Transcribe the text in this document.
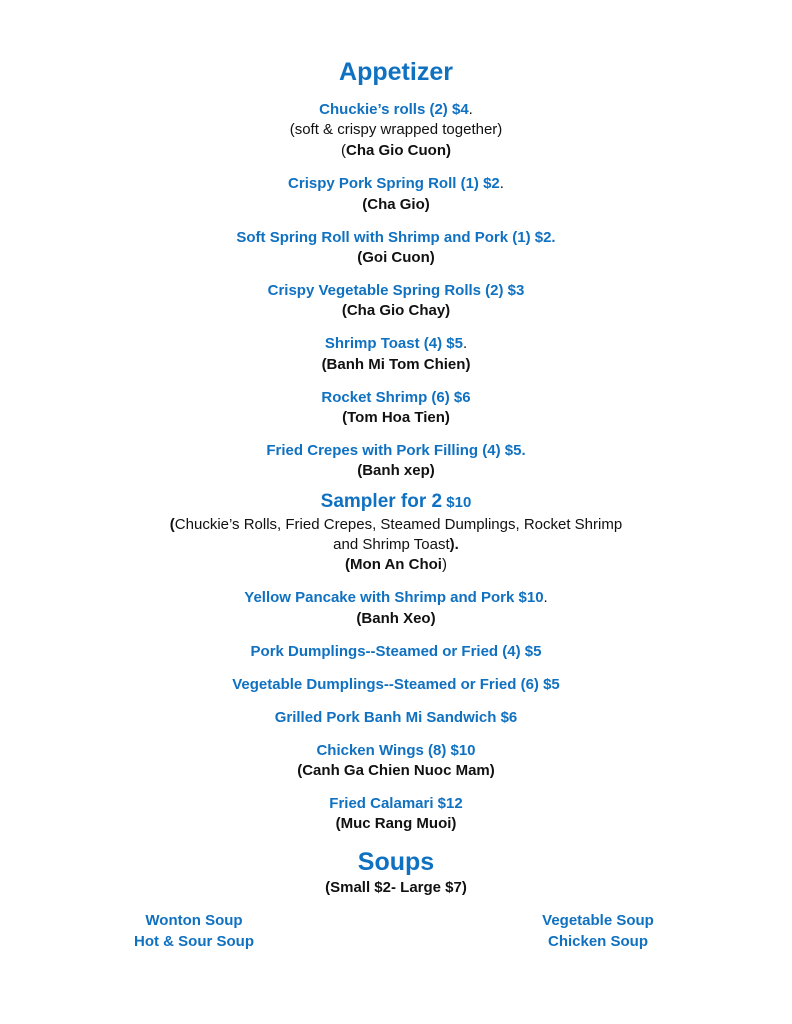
Appetizer
Chuckie’s rolls (2) $4.
(soft & crispy wrapped together)
(Cha Gio Cuon)
Crispy Pork Spring Roll (1) $2.
(Cha Gio)
Soft Spring Roll with Shrimp and Pork (1) $2.
(Goi Cuon)
Crispy Vegetable Spring Rolls (2) $3
(Cha Gio Chay)
Shrimp Toast (4) $5.
(Banh Mi Tom Chien)
Rocket Shrimp (6) $6
(Tom Hoa Tien)
Fried Crepes with Pork Filling (4) $5.
(Banh xep)
Sampler for 2 $10
(Chuckie’s Rolls, Fried Crepes, Steamed Dumplings, Rocket Shrimp
and Shrimp Toast).
(Mon An Choi)
Yellow Pancake with Shrimp and Pork $10.
(Banh Xeo)
Pork Dumplings--Steamed or Fried (4) $5
Vegetable Dumplings--Steamed or Fried (6) $5
Grilled Pork Banh Mi Sandwich $6
Chicken Wings (8) $10
(Canh Ga Chien Nuoc Mam)
Fried Calamari $12
(Muc Rang Muoi)
Soups
(Small $2- Large $7)
Wonton Soup
Hot & Sour Soup
Vegetable Soup
Chicken Soup
